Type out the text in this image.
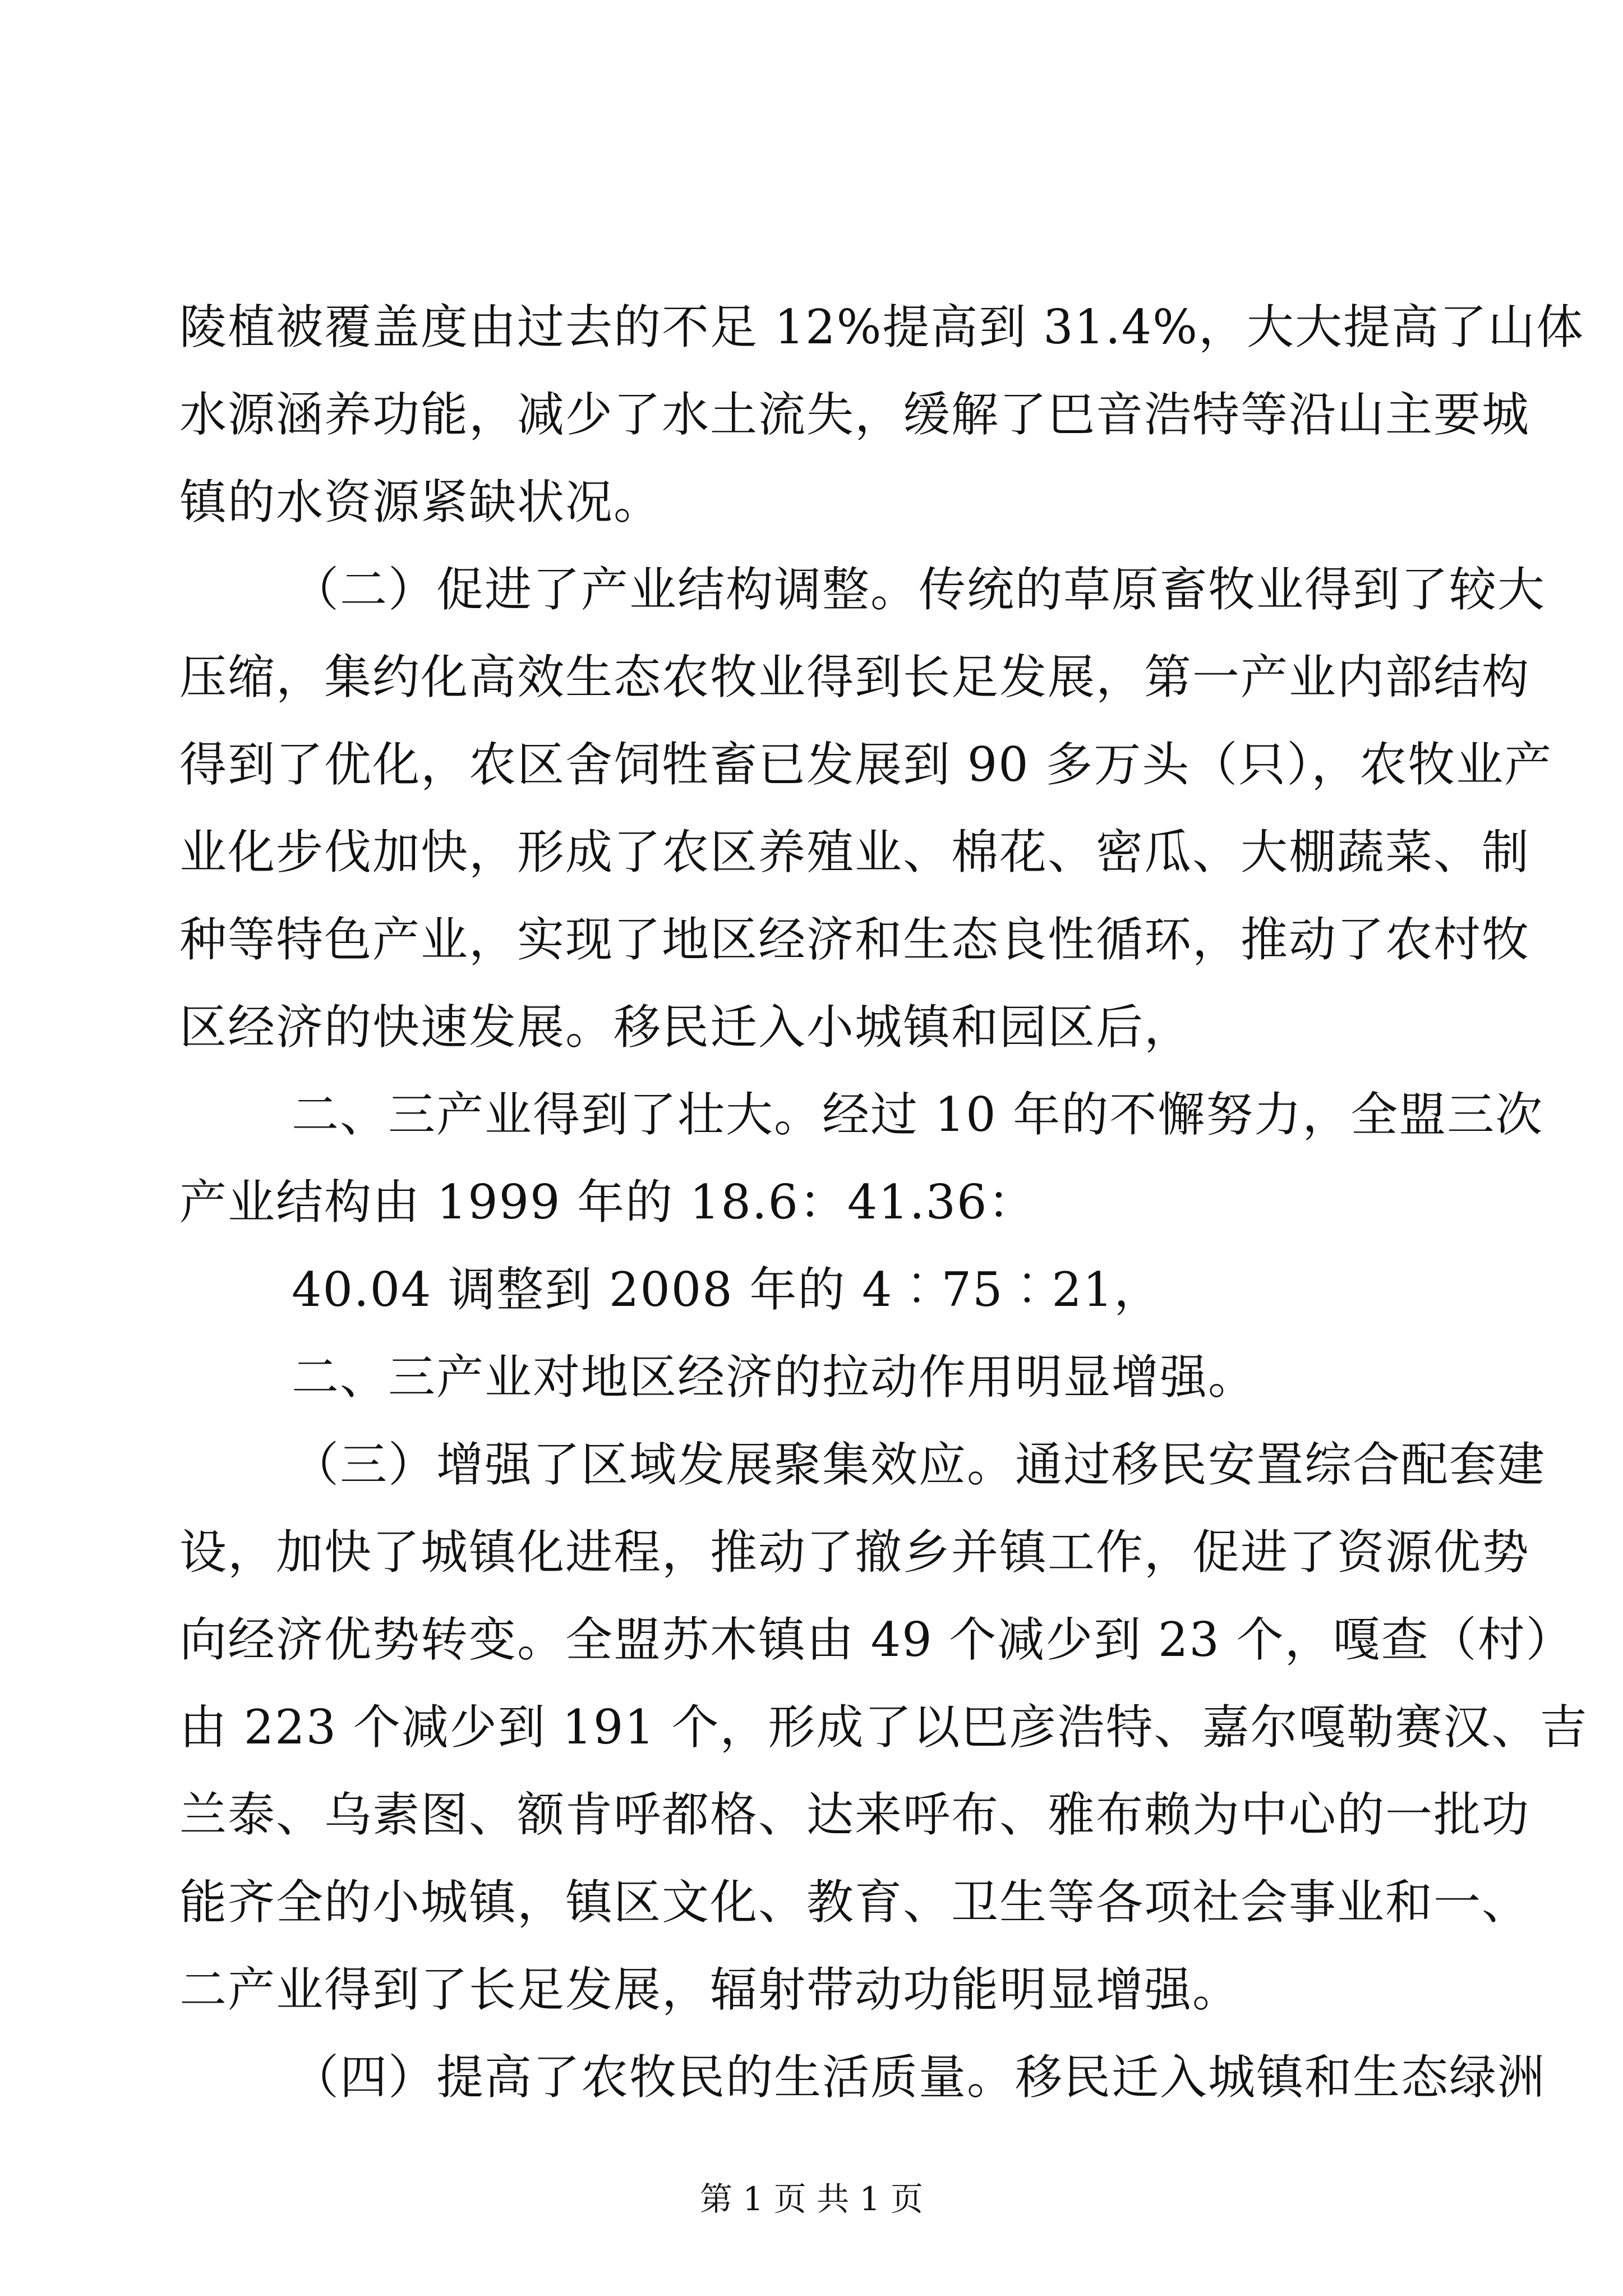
陵植被覆盖度由过去的不足 12%提高到 31.4%，大大提高了山体
水源涵养功能，减少了水土流失，缓解了巴音浩特等沿山主要城
镇的水资源紧缺状况。
（二）促进了产业结构调整。传统的草原畜牧业得到了较大
压缩，集约化高效生态农牧业得到长足发展，第一产业内部结构
得到了优化，农区舍饲牲畜已发展到 90 多万头（只），农牧业产
业化步伐加快，形成了农区养殖业、棉花、密瓜、大棚蔬菜、制
种等特色产业，实现了地区经济和生态良性循环，推动了农村牧
区经济的快速发展。移民迁入小城镇和园区后，
二、三产业得到了壮大。经过 10 年的不懈努力，全盟三次
产业结构由 1999 年的 18.6：41.36：
40.04 调整到 2008 年的 4︰75︰21，
二、三产业对地区经济的拉动作用明显增强。
（三）增强了区域发展聚集效应。通过移民安置综合配套建
设，加快了城镇化进程，推动了撤乡并镇工作，促进了资源优势
向经济优势转变。全盟苏木镇由 49 个减少到 23 个，嘎查（村）
由 223 个减少到 191 个，形成了以巴彦浩特、嘉尔嘎勒赛汉、吉
兰泰、乌素图、额肯呼都格、达来呼布、雅布赖为中心的一批功
能齐全的小城镇，镇区文化、教育、卫生等各项社会事业和一、
二产业得到了长足发展，辐射带动功能明显增强。
（四）提高了农牧民的生活质量。移民迁入城镇和生态绿洲
第 1 页 共 1 页
